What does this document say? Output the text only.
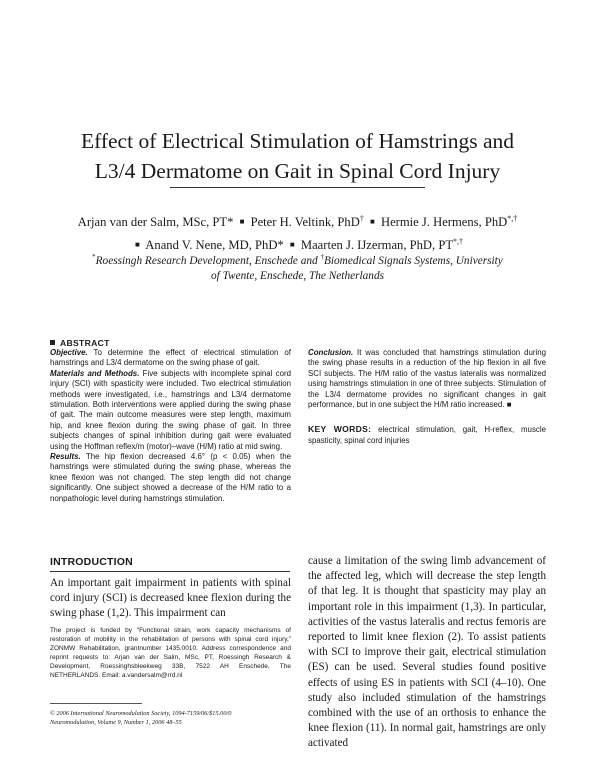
Effect of Electrical Stimulation of Hamstrings and
L3/4 Dermatome on Gait in Spinal Cord Injury
Arjan van der Salm, MSc, PT* ■ Peter H. Veltink, PhD† ■ Hermie J. Hermens, PhD*,†
■ Anand V. Nene, MD, PhD* ■ Maarten J. IJzerman, PhD, PT*,†
*Roessingh Research Development, Enschede and †Biomedical Signals Systems, University
of Twente, Enschede, The Netherlands
ABSTRACT

Objective. To determine the effect of electrical stimulation of hamstrings and L3/4 dermatome on the swing phase of gait.

Materials and Methods. Five subjects with incomplete spinal cord injury (SCI) with spasticity were included. Two electrical stimulation methods were investigated, i.e., hamstrings and L3/4 dermatome stimulation. Both interventions were applied during the swing phase of gait. The main outcome measures were step length, maximum hip, and knee flexion during the swing phase of gait. In three subjects changes of spinal inhibition during gait were evaluated using the Hoffman reflex/m (motor)–wave (H/M) ratio at mid swing.

Results. The hip flexion decreased 4.6° (p < 0.05) when the hamstrings were stimulated during the swing phase, whereas the knee flexion was not changed. The step length did not change significantly. One subject showed a decrease of the H/M ratio to a nonpathologic level during hamstrings stimulation.

Conclusion. It was concluded that hamstrings stimulation during the swing phase results in a reduction of the hip flexion in all five SCI subjects. The H/M ratio of the vastus lateralis was normalized using hamstrings stimulation in one of three subjects. Stimulation of the L3/4 dermatome provides no significant changes in gait performance, but in one subject the H/M ratio increased. ■

KEY WORDS: electrical stimulation, gait, H-reflex, muscle spasticity, spinal cord injuries

INTRODUCTION

An important gait impairment in patients with spinal cord injury (SCI) is decreased knee flexion during the swing phase (1,2). This impairment can

cause a limitation of the swing limb advancement of the affected leg, which will decrease the step length of that leg. It is thought that spasticity may play an important role in this impairment (1,3). In particular, activities of the vastus lateralis and rectus femoris are reported to limit knee flexion (2). To assist patients with SCI to improve their gait, electrical stimulation (ES) can be used. Several studies found positive effects of using ES in patients with SCI (4–10). One study also included stimulation of the hamstrings combined with the use of an orthosis to enhance the knee flexion (11). In normal gait, hamstrings are only activated

The project is funded by “Functional strain, work capacity mechanisms of restoration of mobility in the rehabilitation of persons with spinal cord injury,” ZONMW Rehabilitation, grantnumber 1435.0010. Address correspondence and reprint requests to: Arjan van der Salm, MSc, PT, Roessingh Research & Development, Roessinghsbleekweg 33B, 7522 AH Enschede, The NETHERLANDS. Email: a.vandersalm@rrd.nl

© 2006 International Neuromodulation Society, 1094-7159/06/$15.00/0

Neuromodulation, Volume 9, Number 1, 2006 48–55
